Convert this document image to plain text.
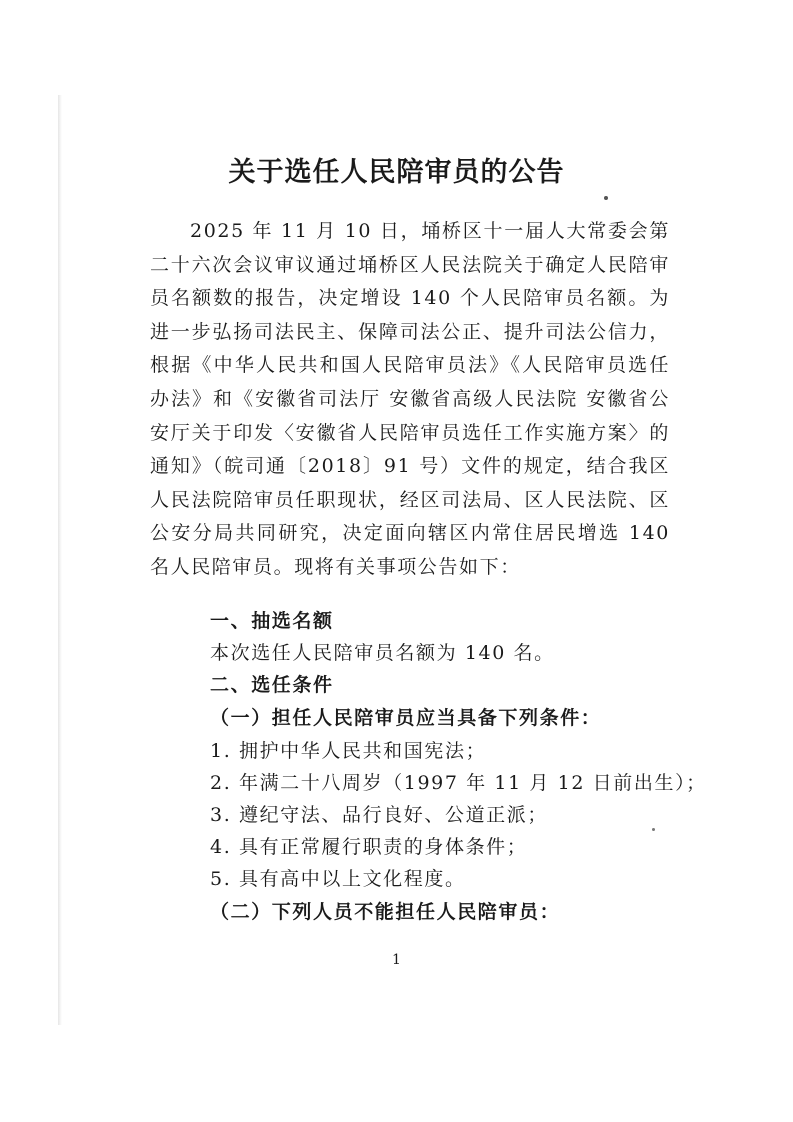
关于选任人民陪审员的公告
2025 年 11 月 10 日，埇桥区十一届人大常委会第二十六次会议审议通过埇桥区人民法院关于确定人民陪审员名额数的报告，决定增设 140 个人民陪审员名额。为进一步弘扬司法民主、保障司法公正、提升司法公信力，根据《中华人民共和国人民陪审员法》《人民陪审员选任办法》和《安徽省司法厅 安徽省高级人民法院 安徽省公安厅关于印发〈安徽省人民陪审员选任工作实施方案〉的通知》（皖司通〔2018〕91 号）文件的规定，结合我区人民法院陪审员任职现状，经区司法局、区人民法院、区公安分局共同研究，决定面向辖区内常住居民增选 140 名人民陪审员。现将有关事项公告如下：
一、抽选名额
本次选任人民陪审员名额为 140 名。
二、选任条件
（一）担任人民陪审员应当具备下列条件：
1. 拥护中华人民共和国宪法；
2. 年满二十八周岁（1997 年 11 月 12 日前出生）；
3. 遵纪守法、品行良好、公道正派；
4. 具有正常履行职责的身体条件；
5. 具有高中以上文化程度。
（二）下列人员不能担任人民陪审员：
1
